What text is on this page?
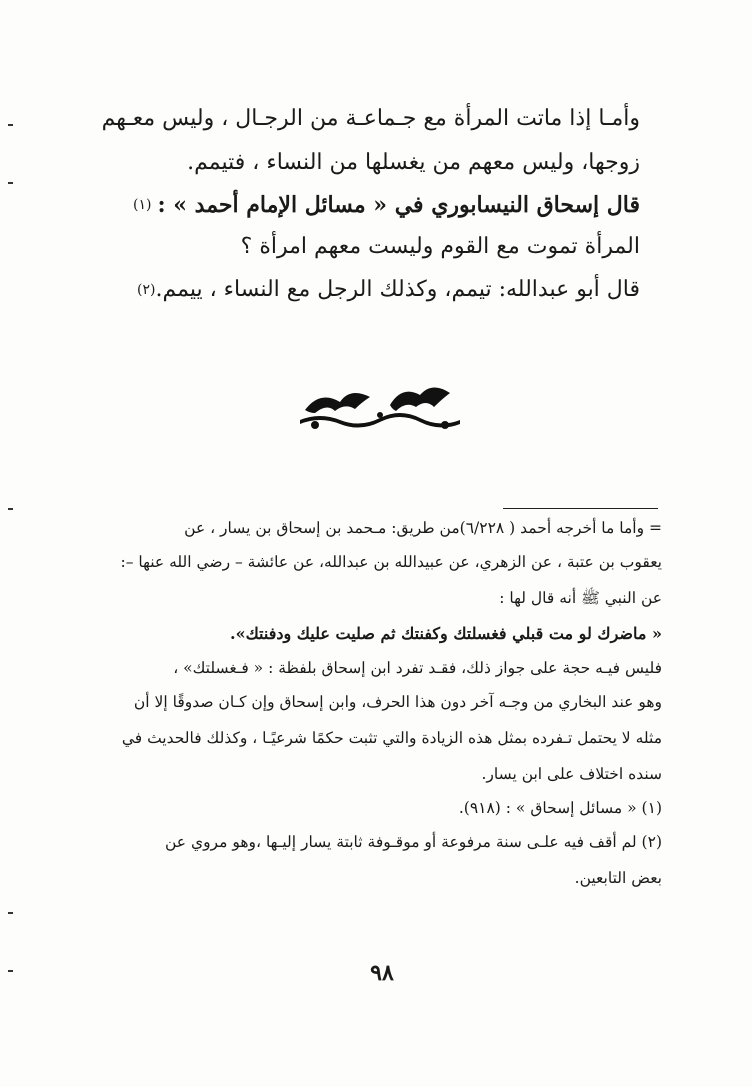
وأمـا إذا ماتت المرأة مع جـماعـة من الرجـال ، وليس معـهم
زوجها، وليس معهم من يغسلها من النساء ، فتيمم.
قال إسحاق النيسابوري في « مسائل الإمام أحمد » :$^{(١)}$
المرأة تموت مع القوم وليست معهم امرأة ؟
قال أبو عبدالله: تيمم، وكذلك الرجل مع النساء ، ييمم.$^{(٢)}$
= وأما ما أخرجه أحمد ( ٦/٢٢٨)من طريق: مـحمد بن إسحاق بن يسار ، عن
يعقوب بن عتبة ، عن الزهري، عن عبيدالله بن عبدالله، عن عائشة – رضي الله عنها –:
عن النبي ﷺ أنه قال لها :
« ماضرك لو مت قبلي فغسلتك وكفنتك ثم صليت عليك ودفنتك».
فليس فيـه حجة على جواز ذلك، فقـد تفرد ابن إسحاق بلفظة : « فـغسلتك» ،
وهو عند البخاري من وجـه آخر دون هذا الحرف، وابن إسحاق وإن كـان صدوقًا إلا أن
مثله لا يحتمل تـفرده بمثل هذه الزيادة والتي تثبت حكمًا شرعيًـا ، وكذلك فالحديث في
سنده اختلاف على ابن يسار.
(١) « مسائل إسحاق » : (٩١٨).
(٢) لم أقف فيه علـى سنة مرفوعة أو موقـوفة ثابتة يسار إليـها ،وهو مروي عن
بعض التابعين.
٩٨
